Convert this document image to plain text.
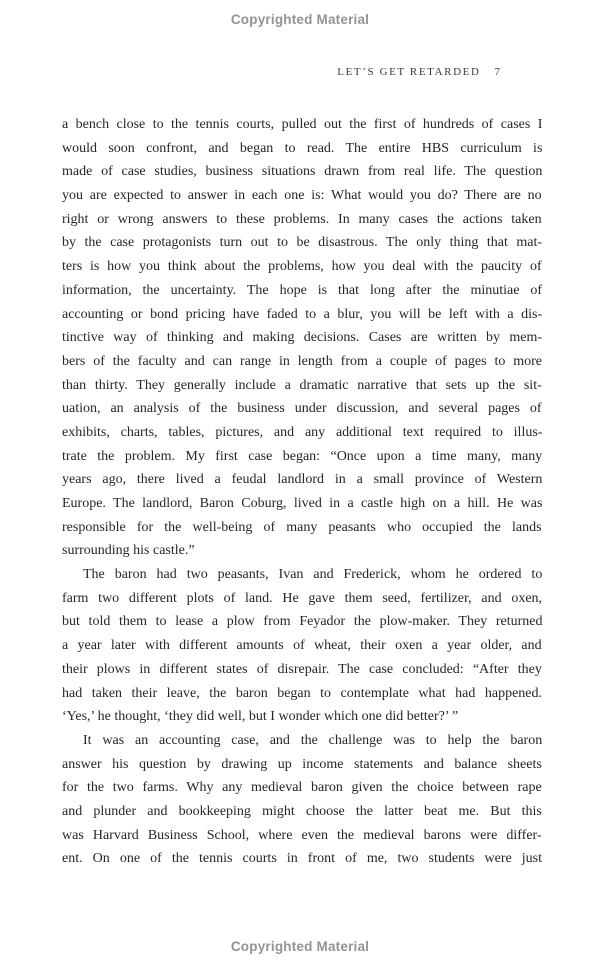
Copyrighted Material
LET’S GET RETARDED 7
a bench close to the tennis courts, pulled out the first of hundreds of cases I
would soon confront, and began to read. The entire HBS curriculum is
made of case studies, business situations drawn from real life. The question
you are expected to answer in each one is: What would you do? There are no
right or wrong answers to these problems. In many cases the actions taken
by the case protagonists turn out to be disastrous. The only thing that mat-
ters is how you think about the problems, how you deal with the paucity of
information, the uncertainty. The hope is that long after the minutiae of
accounting or bond pricing have faded to a blur, you will be left with a dis-
tinctive way of thinking and making decisions. Cases are written by mem-
bers of the faculty and can range in length from a couple of pages to more
than thirty. They generally include a dramatic narrative that sets up the sit-
uation, an analysis of the business under discussion, and several pages of
exhibits, charts, tables, pictures, and any additional text required to illus-
trate the problem. My first case began: “Once upon a time many, many
years ago, there lived a feudal landlord in a small province of Western
Europe. The landlord, Baron Coburg, lived in a castle high on a hill. He was
responsible for the well-being of many peasants who occupied the lands
surrounding his castle.”
The baron had two peasants, Ivan and Frederick, whom he ordered to
farm two different plots of land. He gave them seed, fertilizer, and oxen,
but told them to lease a plow from Feyador the plow-maker. They returned
a year later with different amounts of wheat, their oxen a year older, and
their plows in different states of disrepair. The case concluded: “After they
had taken their leave, the baron began to contemplate what had happened.
‘Yes,’ he thought, ‘they did well, but I wonder which one did better?’ ”
It was an accounting case, and the challenge was to help the baron
answer his question by drawing up income statements and balance sheets
for the two farms. Why any medieval baron given the choice between rape
and plunder and bookkeeping might choose the latter beat me. But this
was Harvard Business School, where even the medieval barons were differ-
ent. On one of the tennis courts in front of me, two students were just
Copyrighted Material
